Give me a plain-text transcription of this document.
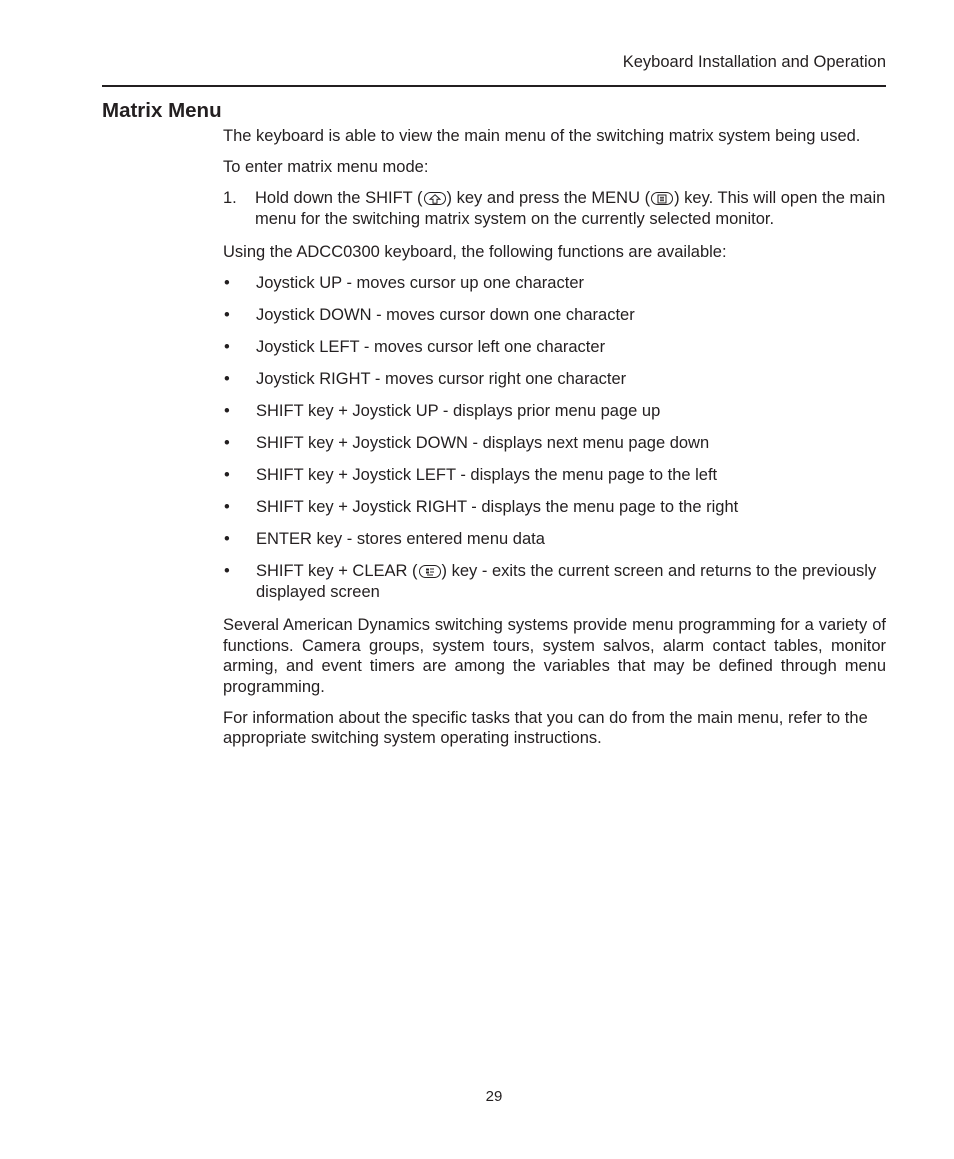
Keyboard Installation and Operation
Matrix Menu

The keyboard is able to view the main menu of the switching matrix system being used.

To enter matrix menu mode:

1.	Hold down the SHIFT ( ) key and press the MENU ( ) key. This will open the main menu for the switching matrix system on the currently selected monitor.

Using the ADCC0300 keyboard, the following functions are available:

•	Joystick UP - moves cursor up one character
•	Joystick DOWN - moves cursor down one character
•	Joystick LEFT - moves cursor left one character
•	Joystick RIGHT - moves cursor right one character
•	SHIFT key + Joystick UP - displays prior menu page up
•	SHIFT key + Joystick DOWN - displays next menu page down
•	SHIFT key + Joystick LEFT - displays the menu page to the left
•	SHIFT key + Joystick RIGHT - displays the menu page to the right
•	ENTER key - stores entered menu data
•	SHIFT key + CLEAR ( ) key - exits the current screen and returns to the previously displayed screen

Several American Dynamics switching systems provide menu programming for a variety of functions. Camera groups, system tours, system salvos, alarm contact tables, monitor arming, and event timers are among the variables that may be defined through menu programming.

For information about the specific tasks that you can do from the main menu, refer to the appropriate switching system operating instructions.

29
